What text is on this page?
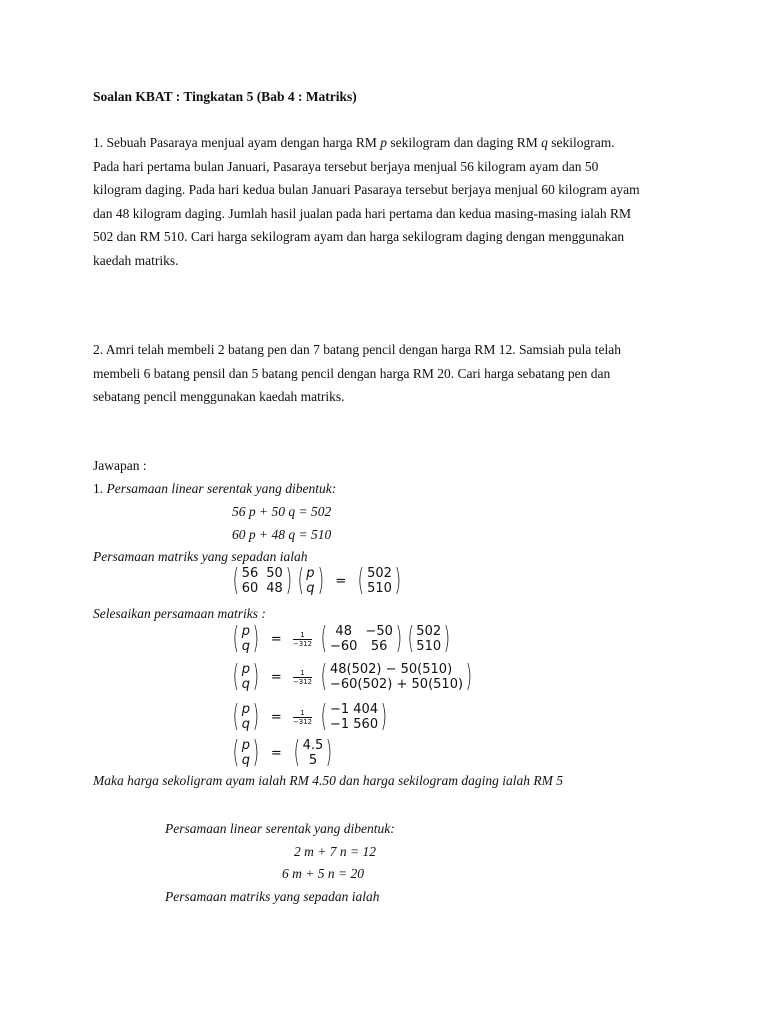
Soalan KBAT : Tingkatan 5 (Bab 4 : Matriks)

1. Sebuah Pasaraya menjual ayam dengan harga RM p sekilogram dan daging RM q sekilogram.

Pada hari pertama bulan Januari, Pasaraya tersebut berjaya menjual 56 kilogram ayam dan 50

kilogram daging. Pada hari kedua bulan Januari Pasaraya tersebut berjaya menjual 60 kilogram ayam

dan 48 kilogram daging. Jumlah hasil jualan pada hari pertama dan kedua masing-masing ialah RM

502 dan RM 510. Cari harga sekilogram ayam dan harga sekilogram daging dengan menggunakan

kaedah matriks.

2. Amri telah membeli 2 batang pen dan 7 batang pencil dengan harga RM 12. Samsiah pula telah

membeli 6 batang pensil dan 5 batang pencil dengan harga RM 20. Cari harga sebatang pen dan

sebatang pencil menggunakan kaedah matriks.

Jawapan :
1. Persamaan linear serentak yang dibentuk:
56 p + 50 q = 502
60 p + 48 q = 510
Persamaan matriks yang sepadan ialah
( 56 50
60 48 ) ( p
q ) = ( 502
510 )
Selesaikan persamaan matriks :
( p
q ) = $\frac{1}{-312}$
( 48	−50
−60	56 ) ( 502
510 )
( p
q ) = $\frac{1}{-312}$
( 48(502) − 50(510)
−60(502) + 50(510) )
( p
q ) = $\frac{1}{-312}$
( −1 404
−1 560 )
( p
q ) = ( 4.5
5 )
Maka harga sekoligram ayam ialah RM 4.50 dan harga sekilogram daging ialah RM 5
Persamaan linear serentak yang dibentuk:
2 m + 7 n = 12
6 m + 5 n = 20
Persamaan matriks yang sepadan ialah
